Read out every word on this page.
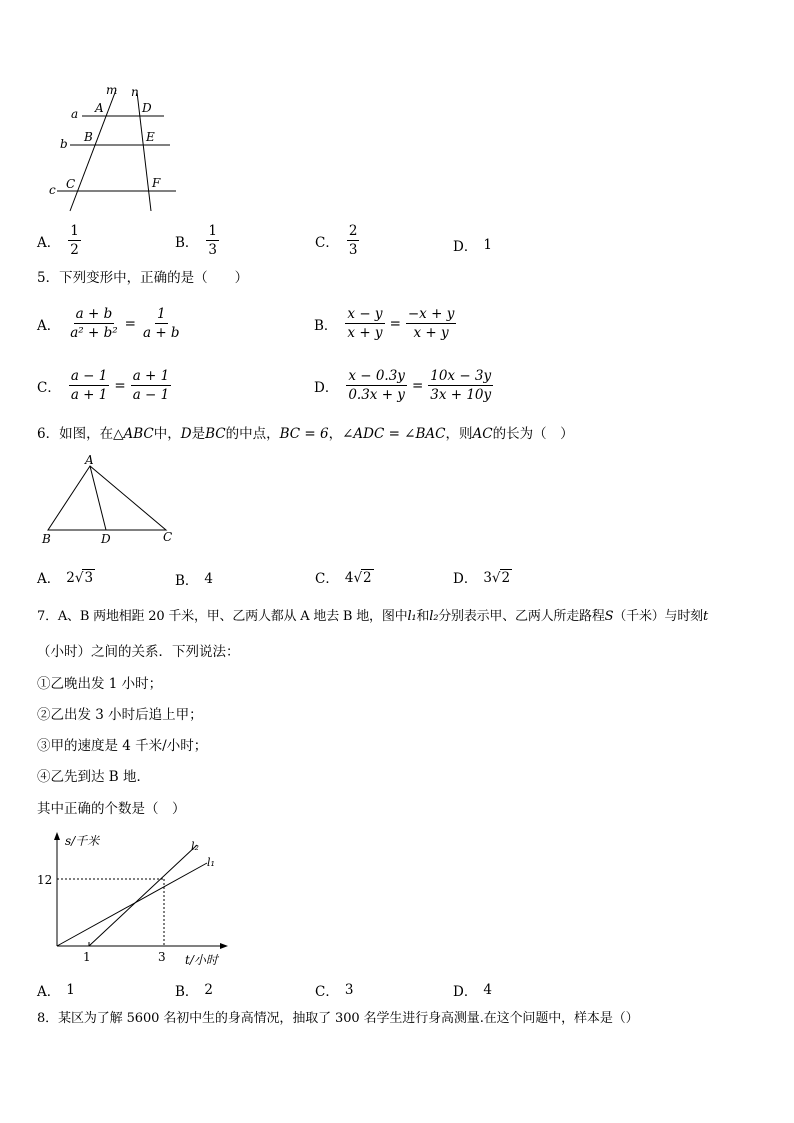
m n
a
b
c
A
B
C
D
E
F
A． $\frac{1}{2}$	B． $\frac{1}{3}$	C． $\frac{2}{3}$	D． 1
5．下列变形中，正确的是（　　）
A． $\frac{a + b}{\text{a² + b²}} = \frac{1}{a + b}$	B． $\frac{x - y}{x + y} = \frac{-x + y}{x + y}$
C． $\frac{a - 1}{a + 1} = \frac{a + 1}{a - 1}$	D． $\frac{x - 0.3y}{0.3x + y} = \frac{10x - 3y}{3x + 10y}$
6．如图，在△ABC中，D是BC的中点，BC = 6，∠ADC = ∠BAC，则AC的长为（　）
A
B	D	C
A． 2 √ 3	B． 4	C． 4 √ 2	D． 3 √ 2
7．A、B 两地相距 20 千米，甲、乙两人都从 A 地去 B 地，图中l₁和l₂分别表示甲、乙两人所走路程S（千米）与时刻t
（小时）之间的关系．下列说法：
①乙晚出发 1 小时；
②乙出发 3 小时后追上甲；
③甲的速度是 4 千米/小时；
④乙先到达 B 地．
其中正确的个数是（　）
s/千米
t/小时
12
1	3
l₂
l₁
A． 1	B． 2	C． 3	D． 4
8．某区为了解 5600 名初中生的身高情况，抽取了 300 名学生进行身高测量.在这个问题中，样本是（）
